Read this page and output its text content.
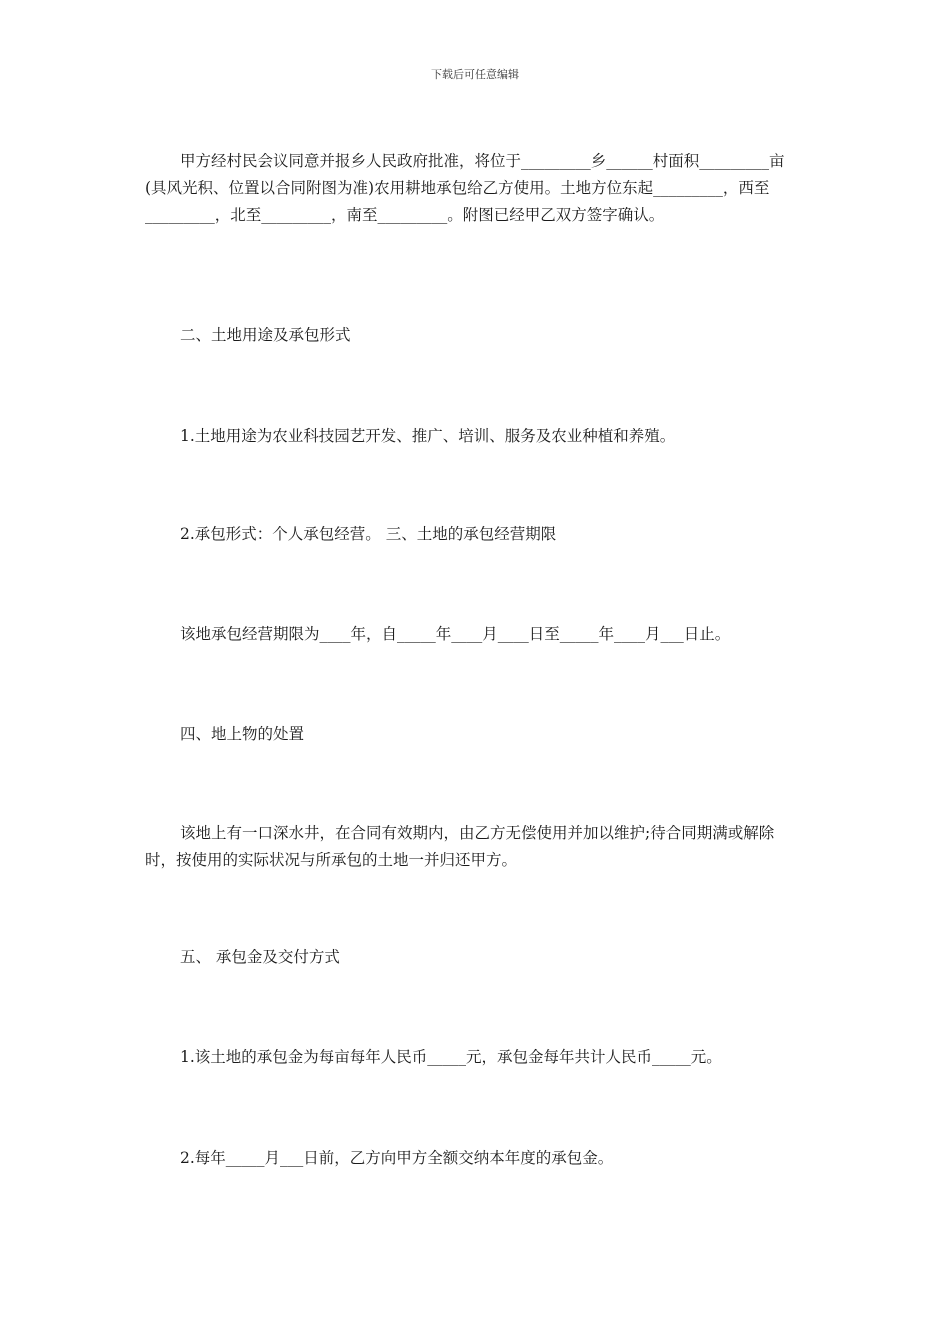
下载后可任意编辑

甲方经村民会议同意并报乡人民政府批准，将位于_________乡______村面积_________亩(具风光积、位置以合同附图为准)农用耕地承包给乙方使用。土地方位东起_________，西至_________，北至_________，南至_________。附图已经甲乙双方签字确认。

二、土地用途及承包形式

1.土地用途为农业科技园艺开发、推广、培训、服务及农业种植和养殖。

2.承包形式：个人承包经营。 三、土地的承包经营期限

该地承包经营期限为____年，自_____年____月____日至_____年____月___日止。

四、地上物的处置

该地上有一口深水井，在合同有效期内，由乙方无偿使用并加以维护;待合同期满或解除时，按使用的实际状况与所承包的土地一并归还甲方。

五、 承包金及交付方式

1.该土地的承包金为每亩每年人民币_____元，承包金每年共计人民币_____元。

2.每年_____月___日前，乙方向甲方全额交纳本年度的承包金。
